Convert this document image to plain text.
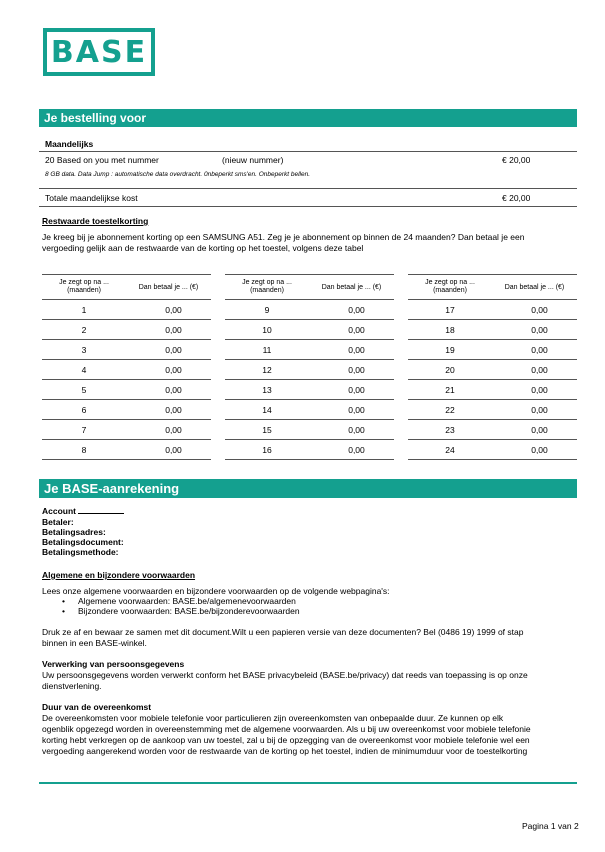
BASE
Je bestelling voor
Maandelijks
20 Based on you met nummer	(nieuw nummer)	€ 20,00
8 GB data. Data Jump : automatische data overdracht. 0nbeperkt sms'en. Onbeperkt bellen.
Totale maandelijkse kost	€ 20,00
Restwaarde toestelkorting
Je kreeg bij je abonnement korting op een SAMSUNG A51. Zeg je je abonnement op binnen de 24 maanden? Dan betaal je een
vergoeding gelijk aan de restwaarde van de korting op het toestel, volgens deze tabel
Je zegt op na ...
(maanden)	Dan betaal je ... (€)
1	0,00
2	0,00
3	0,00
4	0,00
5	0,00
6	0,00
7	0,00
8	0,00
Je zegt op na ...
(maanden)	Dan betaal je ... (€)
9	0,00
10	0,00
11	0,00
12	0,00
13	0,00
14	0,00
15	0,00
16	0,00
Je zegt op na ...
(maanden)	Dan betaal je ... (€)
17	0,00
18	0,00
19	0,00
20	0,00
21	0,00
22	0,00
23	0,00
24	0,00
Je BASE-aanrekening
Account
Betaler:
Betalingsadres:
Betalingsdocument:
Betalingsmethode:
Algemene en bijzondere voorwaarden
Lees onze algemene voorwaarden en bijzondere voorwaarden op de volgende webpagina's:
• Algemene voorwaarden: BASE.be/algemenevoorwaarden
• Bijzondere voorwaarden: BASE.be/bijzonderevoorwaarden
Druk ze af en bewaar ze samen met dit document.Wilt u een papieren versie van deze documenten? Bel (0486 19) 1999 of stap
binnen in een BASE-winkel.
Verwerking van persoonsgegevens
Uw persoonsgegevens worden verwerkt conform het BASE privacybeleid (BASE.be/privacy) dat reeds van toepassing is op onze
dienstverlening.
Duur van de overeenkomst
De overeenkomsten voor mobiele telefonie voor particulieren zijn overeenkomsten van onbepaalde duur. Ze kunnen op elk
ogenblik opgezegd worden in overeenstemming met de algemene voorwaarden. Als u bij uw overeenkomst voor mobiele telefonie
korting hebt verkregen op de aankoop van uw toestel, zal u bij de opzegging van de overeenkomst voor mobiele telefonie wel een
vergoeding aangerekend worden voor de restwaarde van de korting op het toestel, indien de minimumduur voor de toestelkorting
Pagina 1 van 2
